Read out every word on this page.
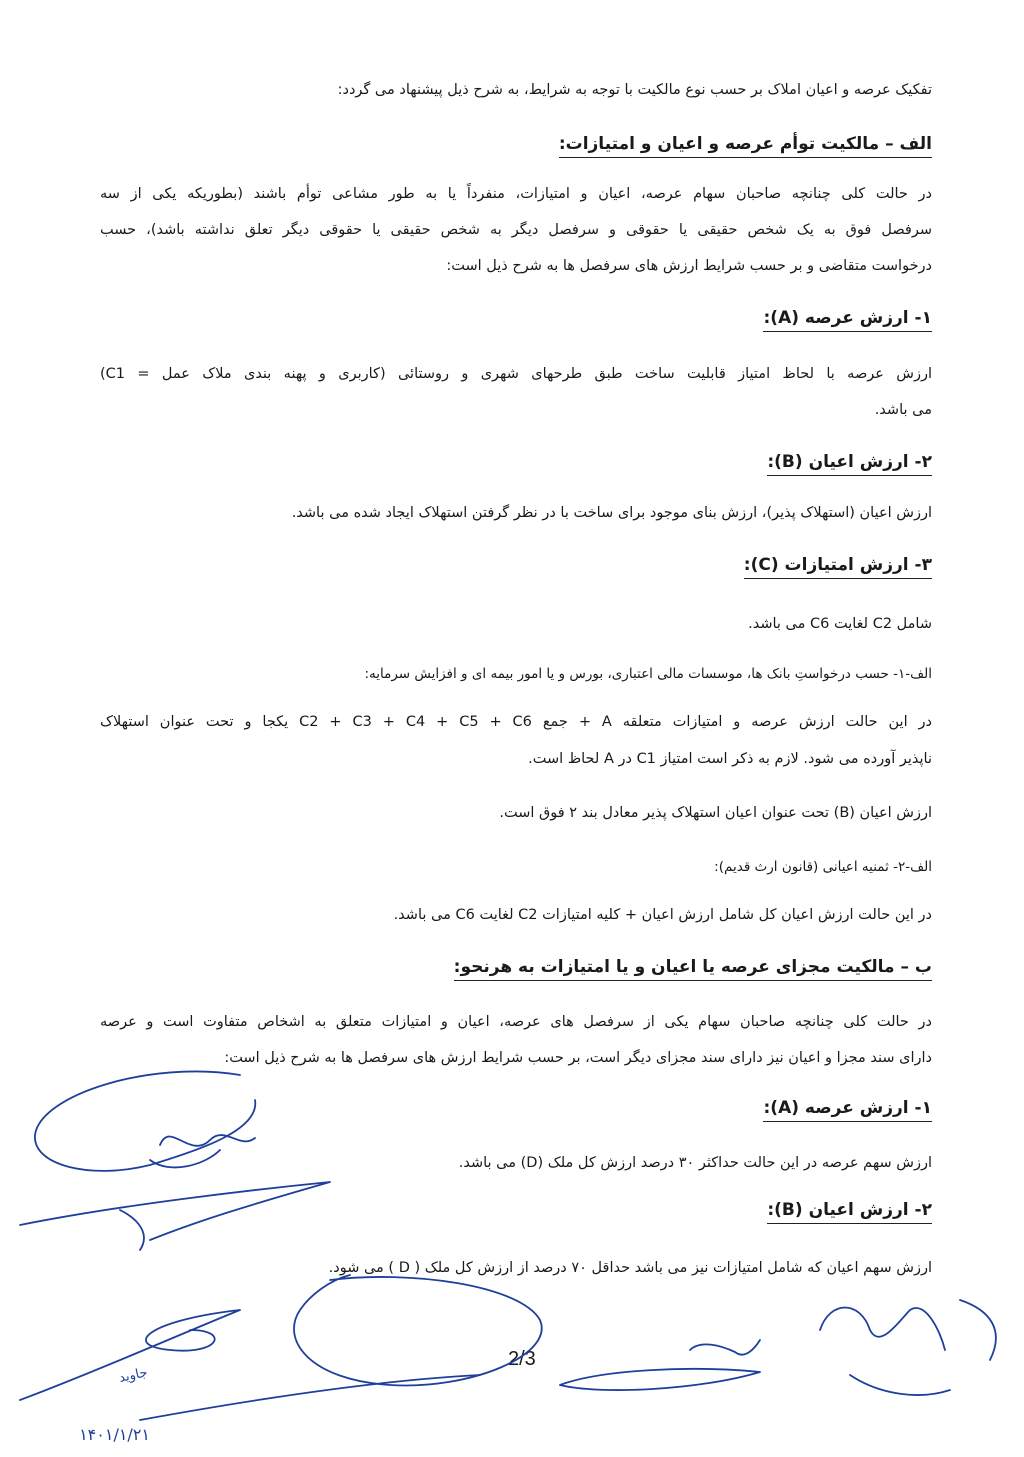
تفکیک عرصه و اعیان املاک بر حسب نوع مالکیت با توجه به شرایط، به شرح ذیل پیشنهاد می گردد:
الف – مالکیت توأم عرصه و اعیان و امتیازات:
در حالت کلی چنانچه صاحبان سهام عرصه، اعیان و امتیازات، منفرداً یا به طور مشاعی توأم باشند (بطوریکه یکی از سه
سرفصل فوق به یک شخص حقیقی یا حقوقی و سرفصل دیگر به شخص حقیقی یا حقوقی دیگر تعلق نداشته باشد)، حسب
درخواست متقاضی و بر حسب شرایط ارزش های سرفصل ها به شرح ذیل است:
۱- ارزش عرصه (A):
ارزش عرصه با لحاظ امتیاز قابلیت ساخت طبق طرحهای شهری و روستائی (کاربری و پهنه بندی ملاک عمل = C1)
می باشد.
۲- ارزش اعیان (B):
ارزش اعیان (استهلاک پذیر)، ارزش بنای موجود برای ساخت با در نظر گرفتن استهلاک ایجاد شده می باشد.
۳- ارزش امتیازات (C):
شامل C2 لغایت C6 می باشد.
الف-۱- حسب درخواستِ بانک ها، موسسات مالی اعتباری، بورس و یا امور بیمه ای و افزایش سرمایه:
در این حالت ارزش عرصه و امتیازات متعلقه A + جمع C2 + C3 + C4 + C5 + C6 یکجا و تحت عنوان استهلاک
ناپذیر آورده می شود. لازم به ذکر است امتیاز C1 در A لحاظ است.
ارزش اعیان (B) تحت عنوان اعیان استهلاک پذیر معادل بند ۲ فوق است.
الف-۲- ثمنیه اعیانی (قانون ارث قدیم):
در این حالت ارزش اعیان کل شامل ارزش اعیان + کلیه امتیازات C2 لغایت C6 می باشد.
ب – مالکیت مجزای عرصه یا اعیان و یا امتیازات به هرنحو:
در حالت کلی چنانچه صاحبان سهام یکی از سرفصل های عرصه، اعیان و امتیازات متعلق به اشخاص متفاوت است و عرصه
دارای سند مجزا و اعیان نیز دارای سند مجزای دیگر است، بر حسب شرایط ارزش های سرفصل ها به شرح ذیل است:
۱- ارزش عرصه (A):
ارزش سهم عرصه در این حالت حداکثر ۳۰ درصد ارزش کل ملک (D) می باشد.
۲- ارزش اعیان (B):
ارزش سهم اعیان که شامل امتیازات نیز می باشد حداقل ۷۰ درصد از ارزش کل ملک ( D ) می شود.
2/3
۱۴۰۱/۱/۲۱
جاوید
